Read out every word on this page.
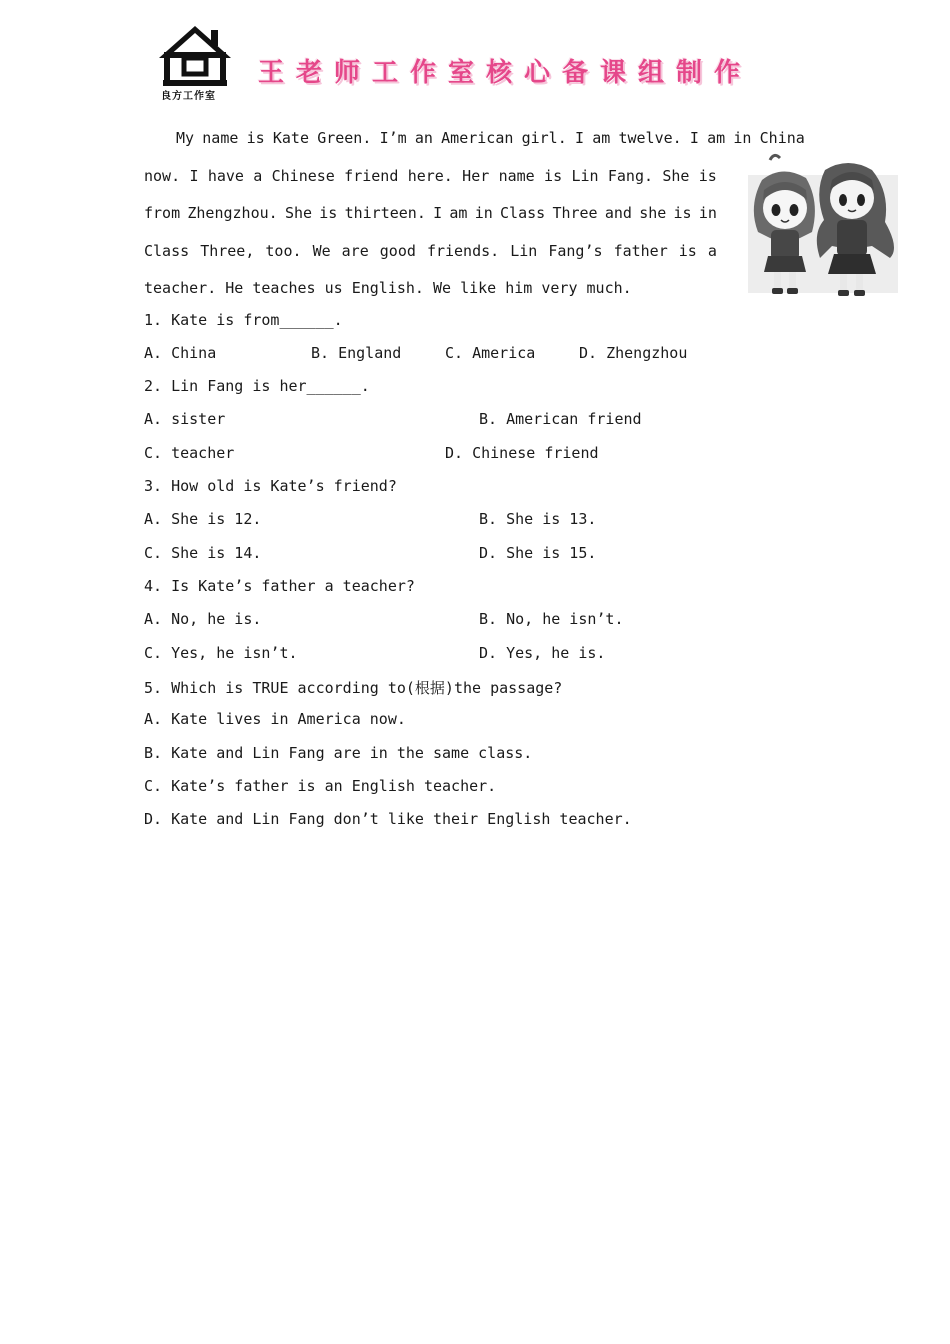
良方工作室
王老师工作室核心备课组制作
My name is Kate Green. I’m an American girl. I am twelve. I am in China
now. I have a Chinese friend here. Her name is Lin Fang. She is
from Zhengzhou. She is thirteen. I am in Class Three and she is in
Class Three, too. We are good friends. Lin Fang’s father is a
teacher. He teaches us English. We like him very much.
1. Kate is from______.
A. China	B. England	C. America	D. Zhengzhou
2. Lin Fang is her______.
A. sister	B. American friend
C. teacher	D. Chinese friend
3. How old is Kate’s friend?
A. She is 12.	B. She is 13.
C. She is 14.	D. She is 15.
4. Is Kate’s father a teacher?
A. No, he is.	B. No, he isn’t.
C. Yes, he isn’t.	D. Yes, he is.
5. Which is TRUE according to(根据)the passage?
A. Kate lives in America now.
B. Kate and Lin Fang are in the same class.
C. Kate’s father is an English teacher.
D. Kate and Lin Fang don’t like their English teacher.
